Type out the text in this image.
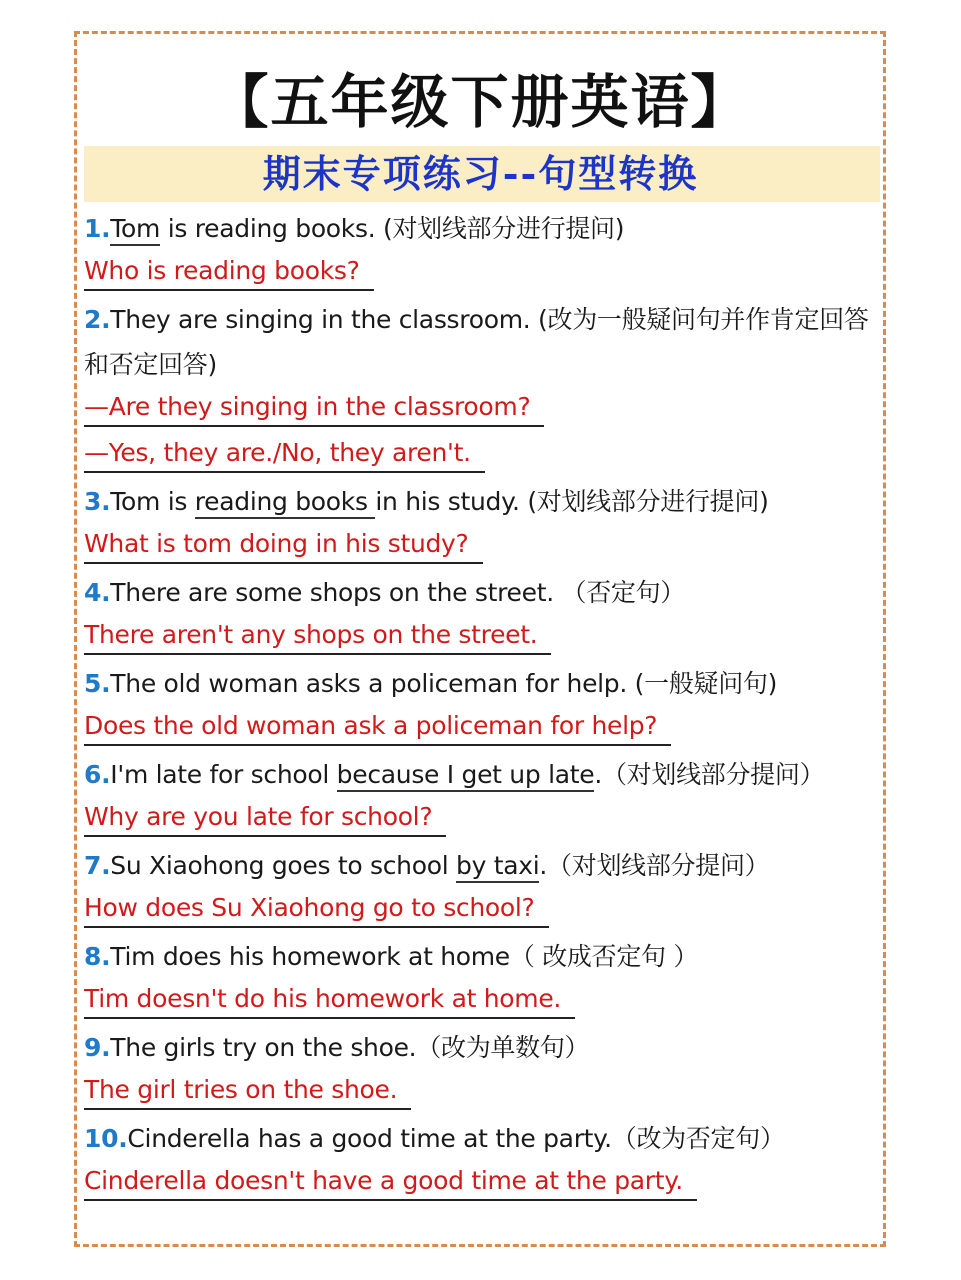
【五年级下册英语】
期末专项练习--句型转换
1.Tom is reading books. (对划线部分进行提问)
Who is reading books?
2.They are singing in the classroom. (改为一般疑问句并作肯定回答和否定回答)
—Are they singing in the classroom?
—Yes, they are./No, they aren't.
3.Tom is reading books in his study. (对划线部分进行提问)
What is tom doing in his study?
4.There are some shops on the street. （否定句）
There aren't any shops on the street.
5.The old woman asks a policeman for help. (一般疑问句)
Does the old woman ask a policeman for help?
6.I'm late for school because I get up late.（对划线部分提问）
Why are you late for school?
7.Su Xiaohong goes to school by taxi.（对划线部分提问）
How does Su Xiaohong go to school?
8.Tim does his homework at home（ 改成否定句 ）
Tim doesn't do his homework at home.
9.The girls try on the shoe.（改为单数句）
The girl tries on the shoe.
10.Cinderella has a good time at the party.（改为否定句）
Cinderella doesn't have a good time at the party.
